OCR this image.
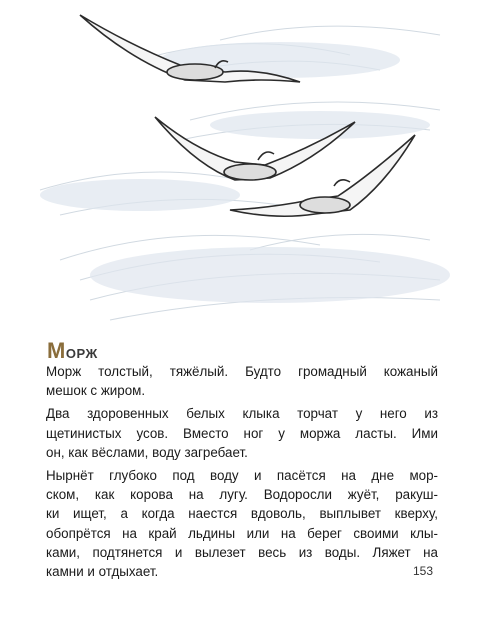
Морж

Морж толстый, тяжёлый. Будто громадный кожаный
мешок с жиром.

Два здоровенных белых клыка торчат у него из
щетинистых усов. Вместо ног у моржа ласты. Ими
он, как вёслами, воду загребает.

Нырнёт глубоко под воду и пасётся на дне мор-
ском, как корова на лугу. Водоросли жуёт, ракуш-
ки ищет, а когда наестся вдоволь, выплывет кверху,
обопрётся на край льдины или на берег своими клы-
ками, подтянется и вылезет весь из воды. Ляжет на
камни и отдыхает.	153
